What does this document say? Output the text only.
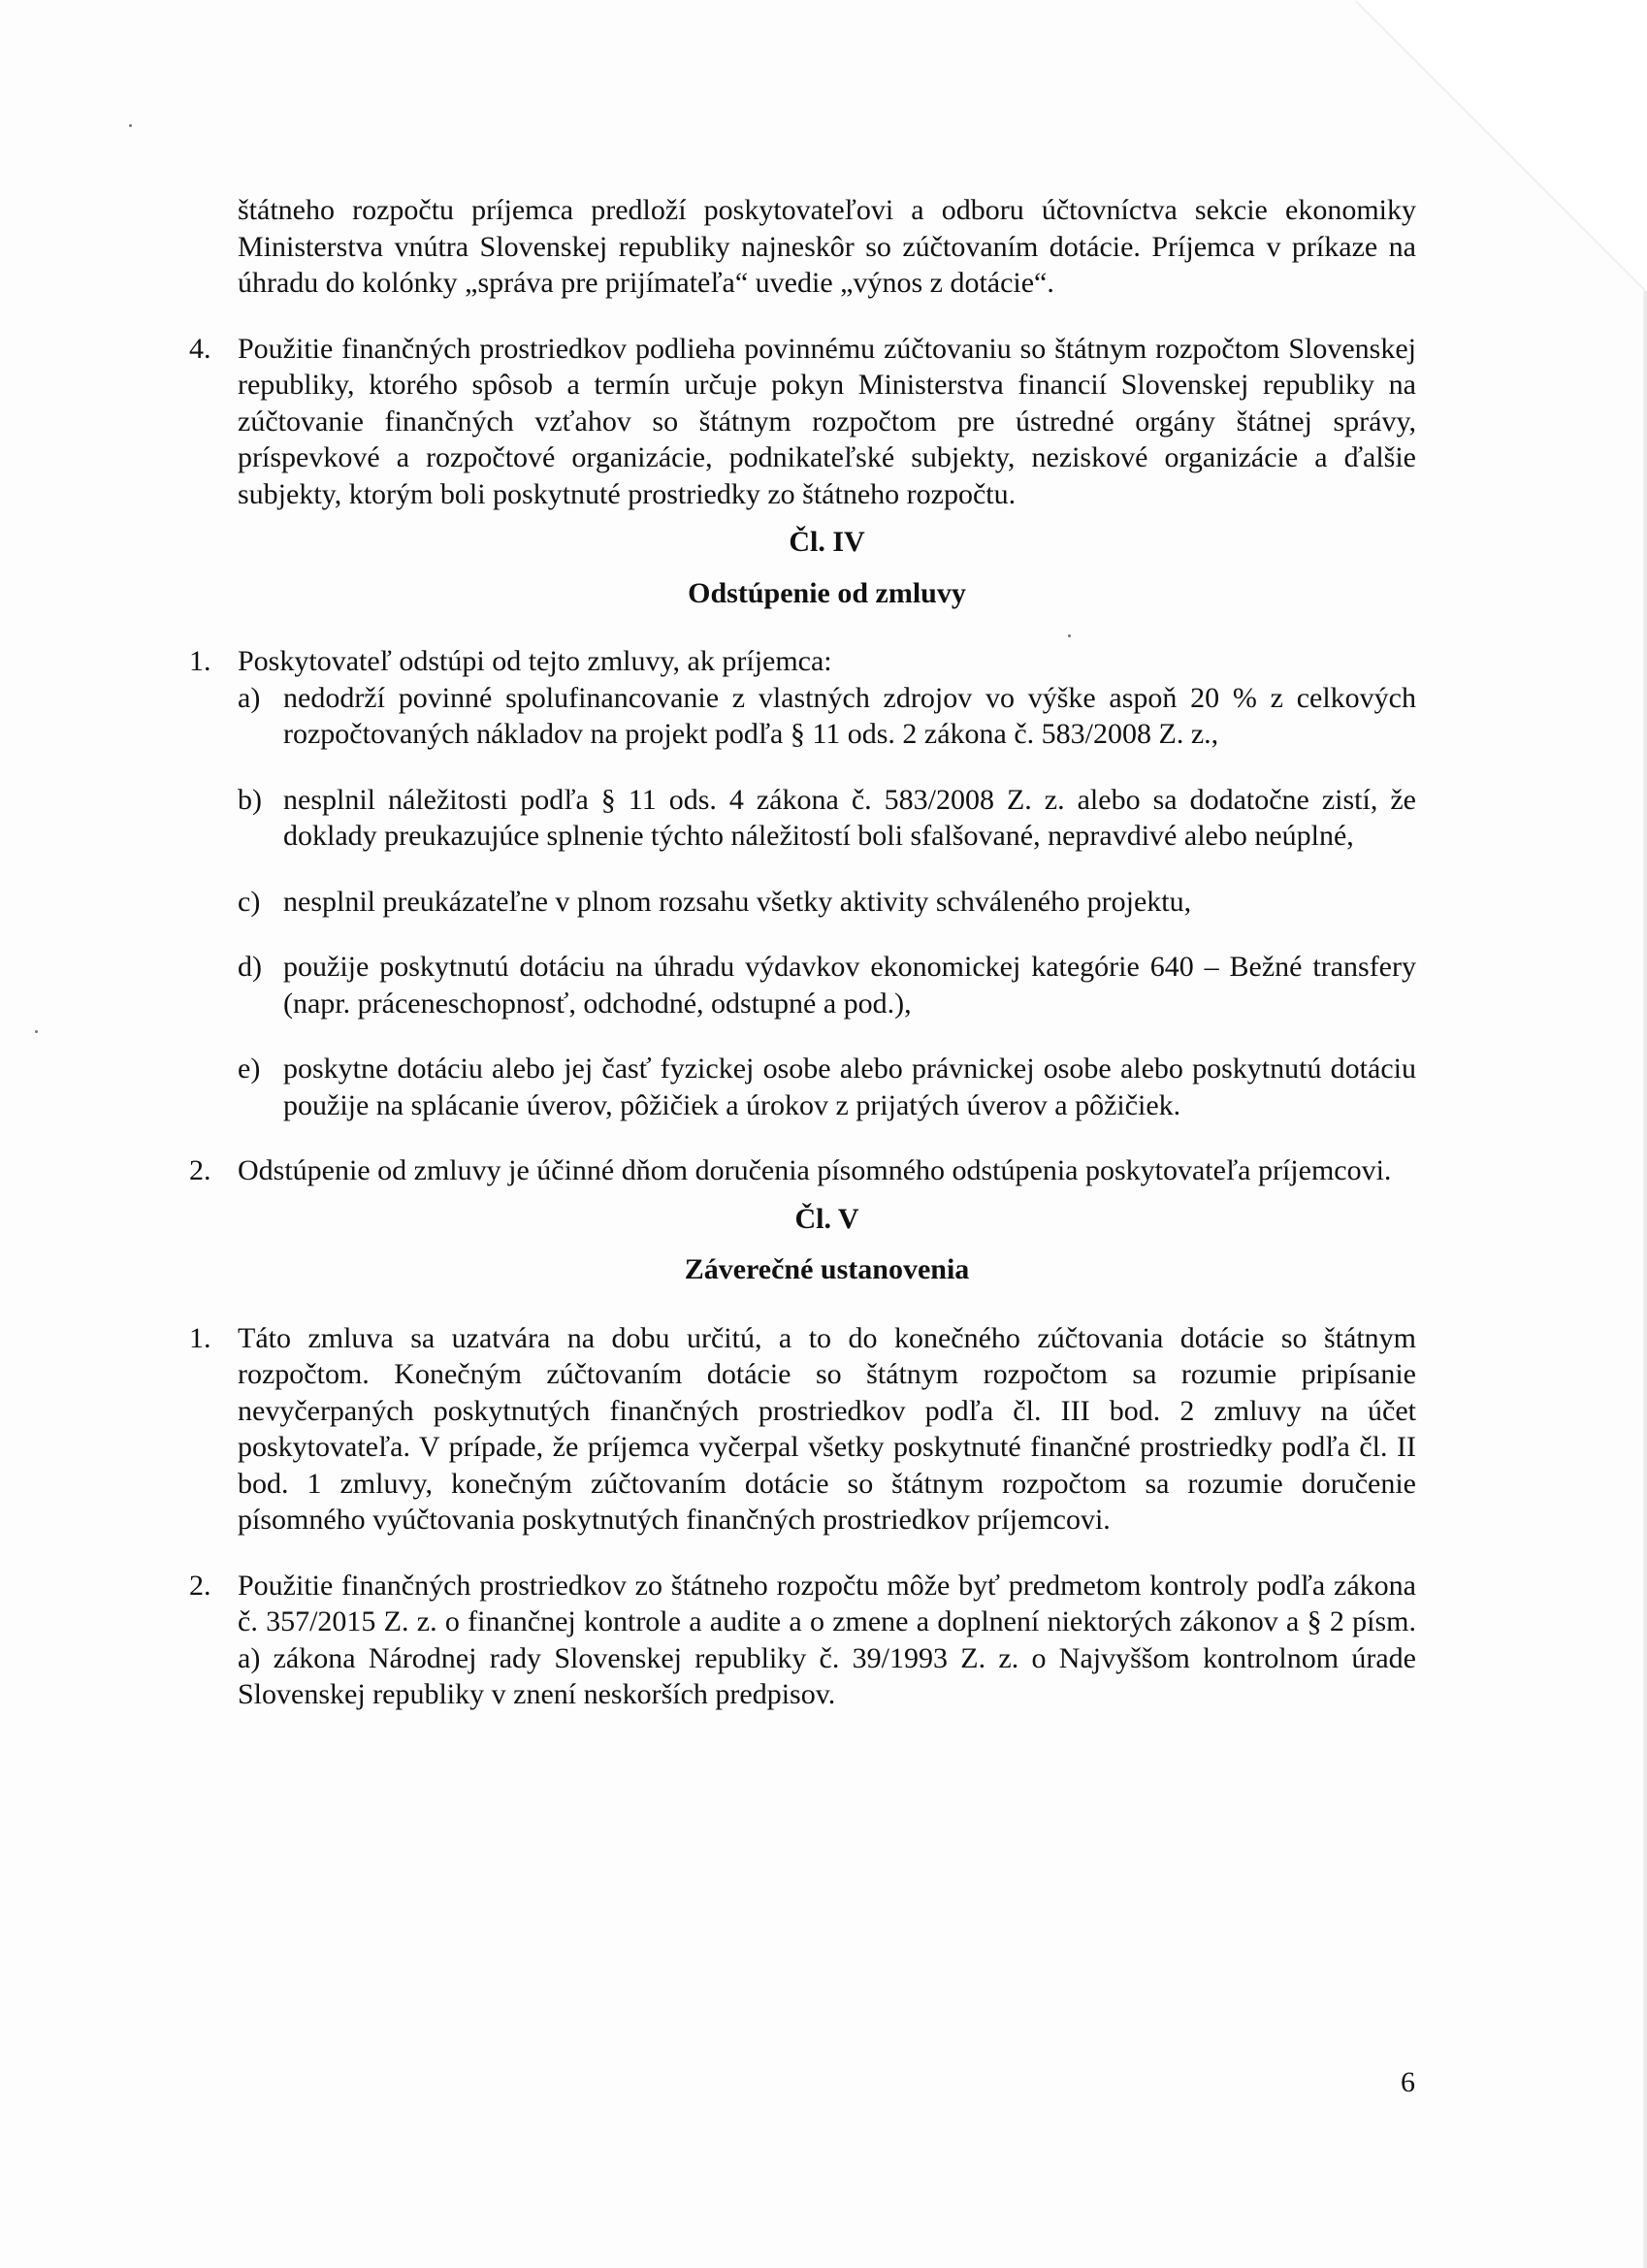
štátneho rozpočtu príjemca predloží poskytovateľovi a odboru účtovníctva sekcie ekonomiky Ministerstva vnútra Slovenskej republiky najneskôr so zúčtovaním dotácie. Príjemca v príkaze na úhradu do kolónky „správa pre prijímateľa“ uvedie „výnos z dotácie“.

4. Použitie finančných prostriedkov podlieha povinnému zúčtovaniu so štátnym rozpočtom Slovenskej republiky, ktorého spôsob a termín určuje pokyn Ministerstva financií Slovenskej republiky na zúčtovanie finančných vzťahov so štátnym rozpočtom pre ústredné orgány štátnej správy, príspevkové a rozpočtové organizácie, podnikateľské subjekty, neziskové organizácie a ďalšie subjekty, ktorým boli poskytnuté prostriedky zo štátneho rozpočtu.
Čl. IV
Odstúpenie od zmluvy
1. Poskytovateľ odstúpi od tejto zmluvy, ak príjemca:
a) nedodrží povinné spolufinancovanie z vlastných zdrojov vo výške aspoň 20 % z celkových rozpočtovaných nákladov na projekt podľa § 11 ods. 2 zákona č. 583/2008 Z. z.,
b) nesplnil náležitosti podľa § 11 ods. 4 zákona č. 583/2008 Z. z. alebo sa dodatočne zistí, že doklady preukazujúce splnenie týchto náležitostí boli sfalšované, nepravdivé alebo neúplné,
c) nesplnil preukázateľne v plnom rozsahu všetky aktivity schváleného projektu,
d) použije poskytnutú dotáciu na úhradu výdavkov ekonomickej kategórie 640 – Bežné transfery (napr. práceneschopnosť, odchodné, odstupné a pod.),
e) poskytne dotáciu alebo jej časť fyzickej osobe alebo právnickej osobe alebo poskytnutú dotáciu použije na splácanie úverov, pôžičiek a úrokov z prijatých úverov a pôžičiek.
2. Odstúpenie od zmluvy je účinné dňom doručenia písomného odstúpenia poskytovateľa príjemcovi.
Čl. V
Záverečné ustanovenia
1. Táto zmluva sa uzatvára na dobu určitú, a to do konečného zúčtovania dotácie so štátnym rozpočtom. Konečným zúčtovaním dotácie so štátnym rozpočtom sa rozumie pripísanie nevyčerpaných poskytnutých finančných prostriedkov podľa čl. III bod. 2 zmluvy na účet poskytovateľa. V prípade, že príjemca vyčerpal všetky poskytnuté finančné prostriedky podľa čl. II bod. 1 zmluvy, konečným zúčtovaním dotácie so štátnym rozpočtom sa rozumie doručenie písomného vyúčtovania poskytnutých finančných prostriedkov príjemcovi.
2. Použitie finančných prostriedkov zo štátneho rozpočtu môže byť predmetom kontroly podľa zákona č. 357/2015 Z. z. o finančnej kontrole a audite a o zmene a doplnení niektorých zákonov a § 2 písm. a) zákona Národnej rady Slovenskej republiky č. 39/1993 Z. z. o Najvyššom kontrolnom úrade Slovenskej republiky v znení neskorších predpisov.
6
